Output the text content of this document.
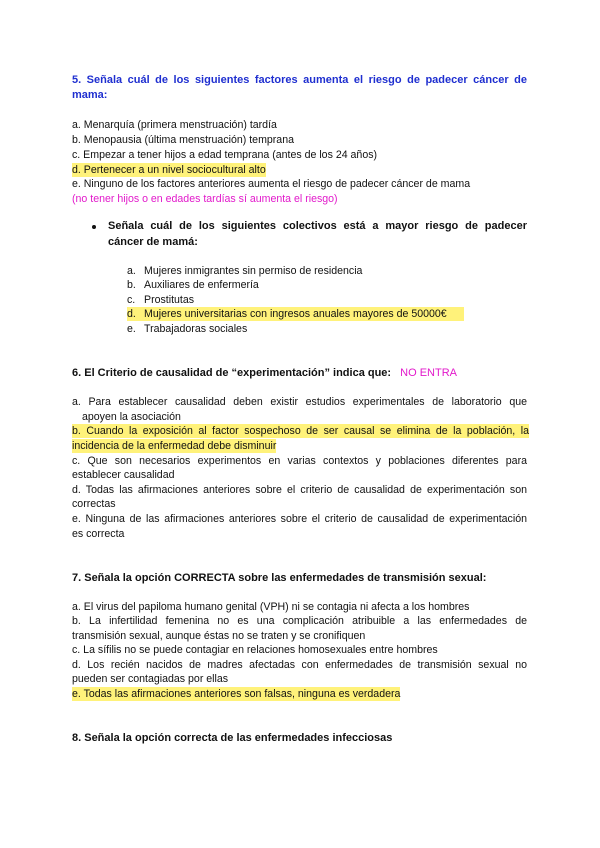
5. Señala cuál de los siguientes factores aumenta el riesgo de padecer cáncer de
mama:
a. Menarquía (primera menstruación) tardía
b. Menopausia (última menstruación) temprana
c. Empezar a tener hijos a edad temprana (antes de los 24 años)
d. Pertenecer a un nivel sociocultural alto
e. Ninguno de los factores anteriores aumenta el riesgo de padecer cáncer de mama
(no tener hijos o en edades tardías sí aumenta el riesgo)
Señala cuál de los siguientes colectivos está a mayor riesgo de padecer
cáncer de mamá:
a. Mujeres inmigrantes sin permiso de residencia
b. Auxiliares de enfermería
c. Prostitutas
d. Mujeres universitarias con ingresos anuales mayores de 50000€
e. Trabajadoras sociales
6. El Criterio de causalidad de “experimentación” indica que: NO ENTRA
a. Para establecer causalidad deben existir estudios experimentales de laboratorio que
apoyen la asociación
b. Cuando la exposición al factor sospechoso de ser causal se elimina de la población, la
incidencia de la enfermedad debe disminuir
c. Que son necesarios experimentos en varias contextos y poblaciones diferentes para
establecer causalidad
d. Todas las afirmaciones anteriores sobre el criterio de causalidad de experimentación son
correctas
e. Ninguna de las afirmaciones anteriores sobre el criterio de causalidad de experimentación
es correcta
7. Señala la opción CORRECTA sobre las enfermedades de transmisión sexual:
a. El virus del papiloma humano genital (VPH) ni se contagia ni afecta a los hombres
b. La infertilidad femenina no es una complicación atribuible a las enfermedades de
transmisión sexual, aunque éstas no se traten y se cronifiquen
c. La sífilis no se puede contagiar en relaciones homosexuales entre hombres
d. Los recién nacidos de madres afectadas con enfermedades de transmisión sexual no
pueden ser contagiadas por ellas
e. Todas las afirmaciones anteriores son falsas, ninguna es verdadera
8. Señala la opción correcta de las enfermedades infecciosas
